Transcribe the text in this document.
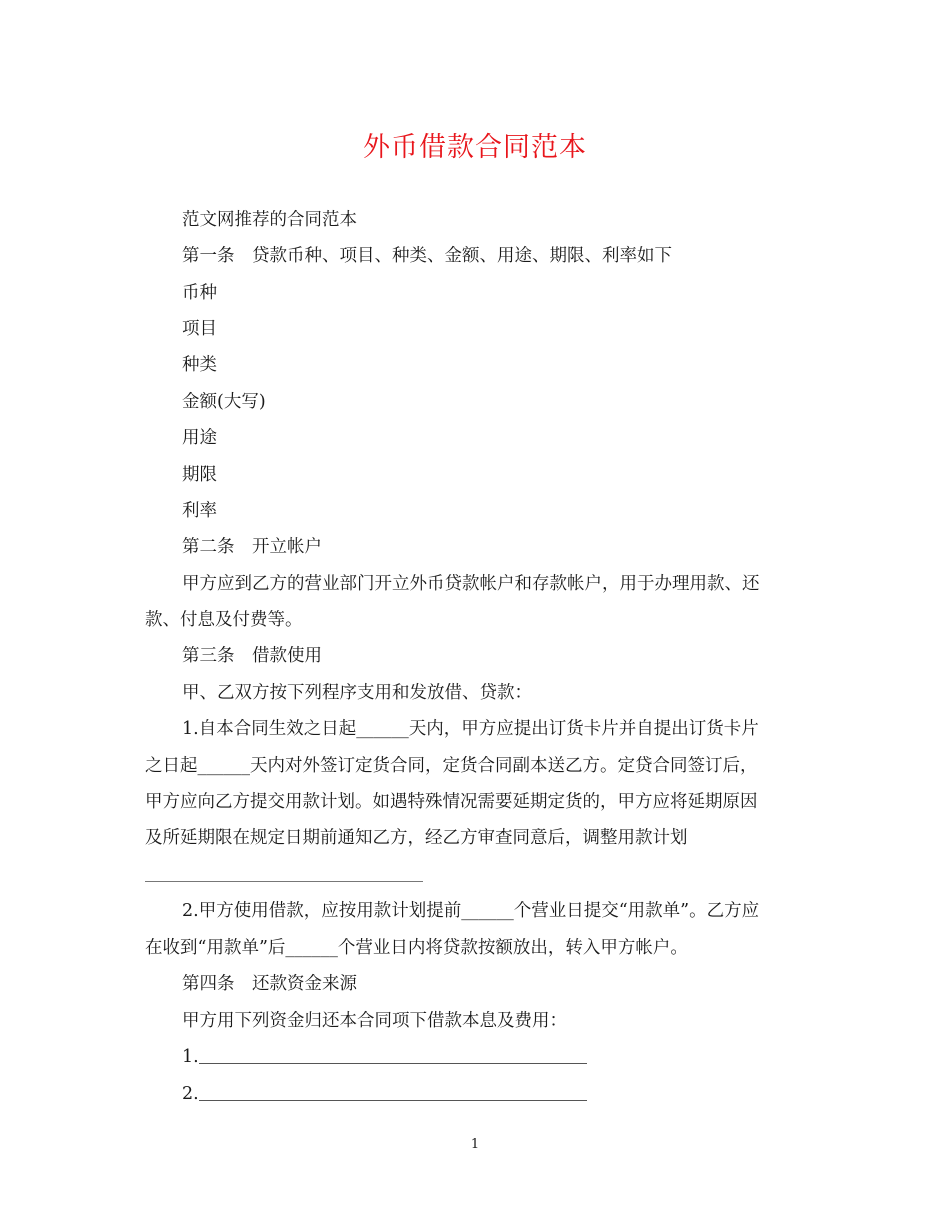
外币借款合同范本
范文网推荐的合同范本
第一条　贷款币种、项目、种类、金额、用途、期限、利率如下
币种
项目
种类
金额(大写)
用途
期限
利率
第二条　开立帐户
甲方应到乙方的营业部门开立外币贷款帐户和存款帐户，用于办理用款、还
款、付息及付费等。
第三条　借款使用
甲、乙双方按下列程序支用和发放借、贷款：
1.自本合同生效之日起______天内，甲方应提出订货卡片并自提出订货卡片
之日起______天内对外签订定货合同，定货合同副本送乙方。定贷合同签订后，
甲方应向乙方提交用款计划。如遇特殊情况需要延期定货的，甲方应将延期原因
及所延期限在规定日期前通知乙方，经乙方审查同意后，调整用款计划
2.甲方使用借款，应按用款计划提前______个营业日提交“用款单”。乙方应
在收到“用款单”后______个营业日内将贷款按额放出，转入甲方帐户。
第四条　还款资金来源
甲方用下列资金归还本合同项下借款本息及费用：
1.
2.
1
